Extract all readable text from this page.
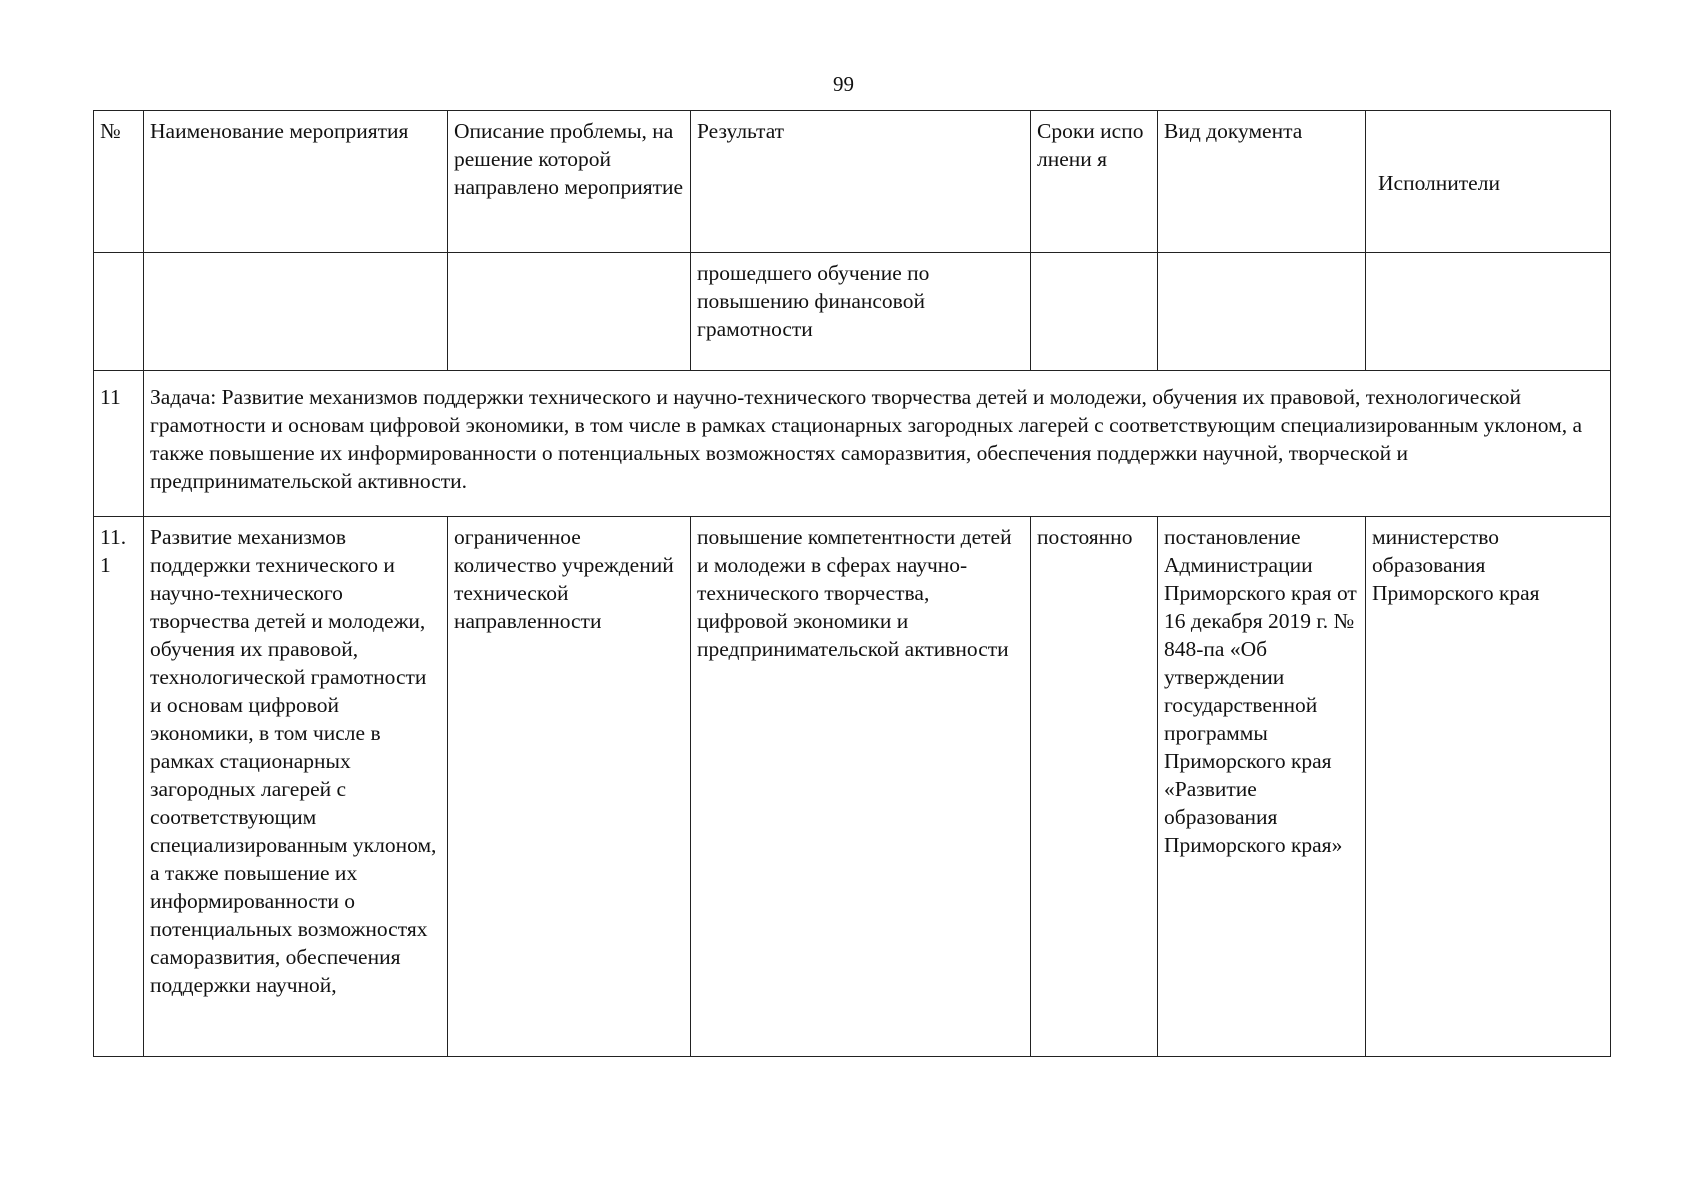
99
№	Наименование мероприятия	Описание проблемы, на решение которой направлено мероприятие	Результат	Сроки исполнени я	Вид документа	Исполнители
			прошедшего обучение по повышению финансовой грамотности			
11	Задача: Развитие механизмов поддержки технического и научно-технического творчества детей и молодежи, обучения их правовой, технологической грамотности и основам цифровой экономики, в том числе в рамках стационарных загородных лагерей с соответствующим специализированным уклоном, а также повышение их информированности о потенциальных возможностях саморазвития, обеспечения поддержки научной, творческой и предпринимательской активности.					
11. 1	Развитие механизмов поддержки технического и научно-технического творчества детей и молодежи, обучения их правовой, технологической грамотности и основам цифровой экономики, в том числе в рамках стационарных загородных лагерей с соответствующим специализированным уклоном, а также повышение их информированности о потенциальных возможностях саморазвития, обеспечения поддержки научной,	ограниченное количество учреждений технической направленности	повышение компетентности детей и молодежи в сферах научно-технического творчества, цифровой экономики и предпринимательской активности	постоянно	постановление Администрации Приморского края от 16 декабря 2019 г. № 848-па «Об утверждении государственной программы Приморского края «Развитие образования Приморского края»	министерство образования Приморского края
